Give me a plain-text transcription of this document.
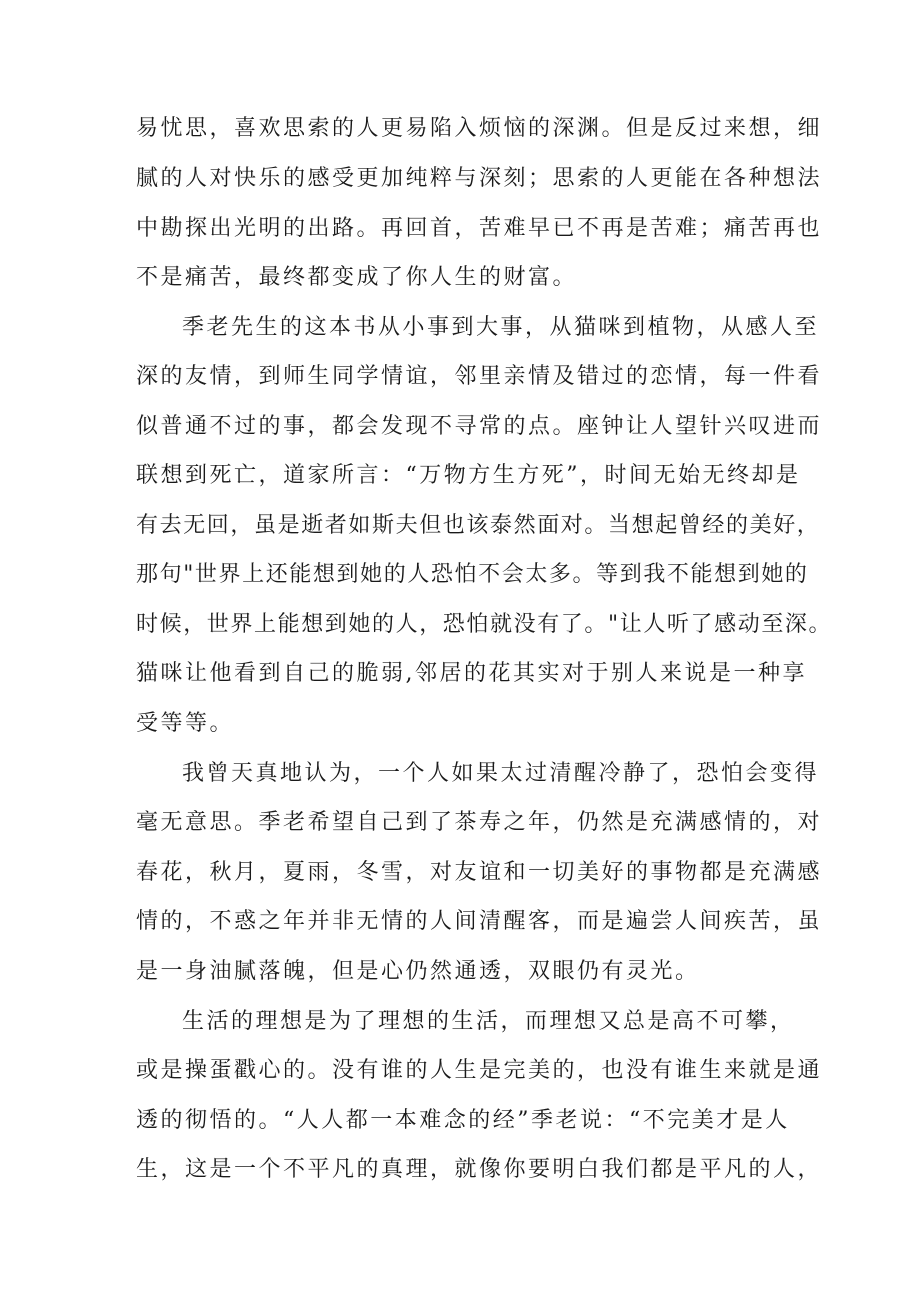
易忧思，喜欢思索的人更易陷入烦恼的深渊。但是反过来想，细

腻的人对快乐的感受更加纯粹与深刻；思索的人更能在各种想法

中勘探出光明的出路。再回首，苦难早已不再是苦难；痛苦再也

不是痛苦，最终都变成了你人生的财富。

季老先生的这本书从小事到大事，从猫咪到植物，从感人至

深的友情，到师生同学情谊，邻里亲情及错过的恋情，每一件看

似普通不过的事，都会发现不寻常的点。座钟让人望针兴叹进而

联想到死亡，道家所言：“万物方生方死”，时间无始无终却是

有去无回，虽是逝者如斯夫但也该泰然面对。当想起曾经的美好，

那句"世界上还能想到她的人恐怕不会太多。等到我不能想到她的

时候，世界上能想到她的人，恐怕就没有了。"让人听了感动至深。

猫咪让他看到自己的脆弱,邻居的花其实对于别人来说是一种享

受等等。

我曾天真地认为，一个人如果太过清醒冷静了，恐怕会变得

毫无意思。季老希望自己到了茶寿之年，仍然是充满感情的，对

春花，秋月，夏雨，冬雪，对友谊和一切美好的事物都是充满感

情的，不惑之年并非无情的人间清醒客，而是遍尝人间疾苦，虽

是一身油腻落魄，但是心仍然通透，双眼仍有灵光。

生活的理想是为了理想的生活，而理想又总是高不可攀，

或是操蛋戳心的。没有谁的人生是完美的，也没有谁生来就是通

透的彻悟的。“人人都一本难念的经”季老说：“不完美才是人

生，这是一个不平凡的真理，就像你要明白我们都是平凡的人，
